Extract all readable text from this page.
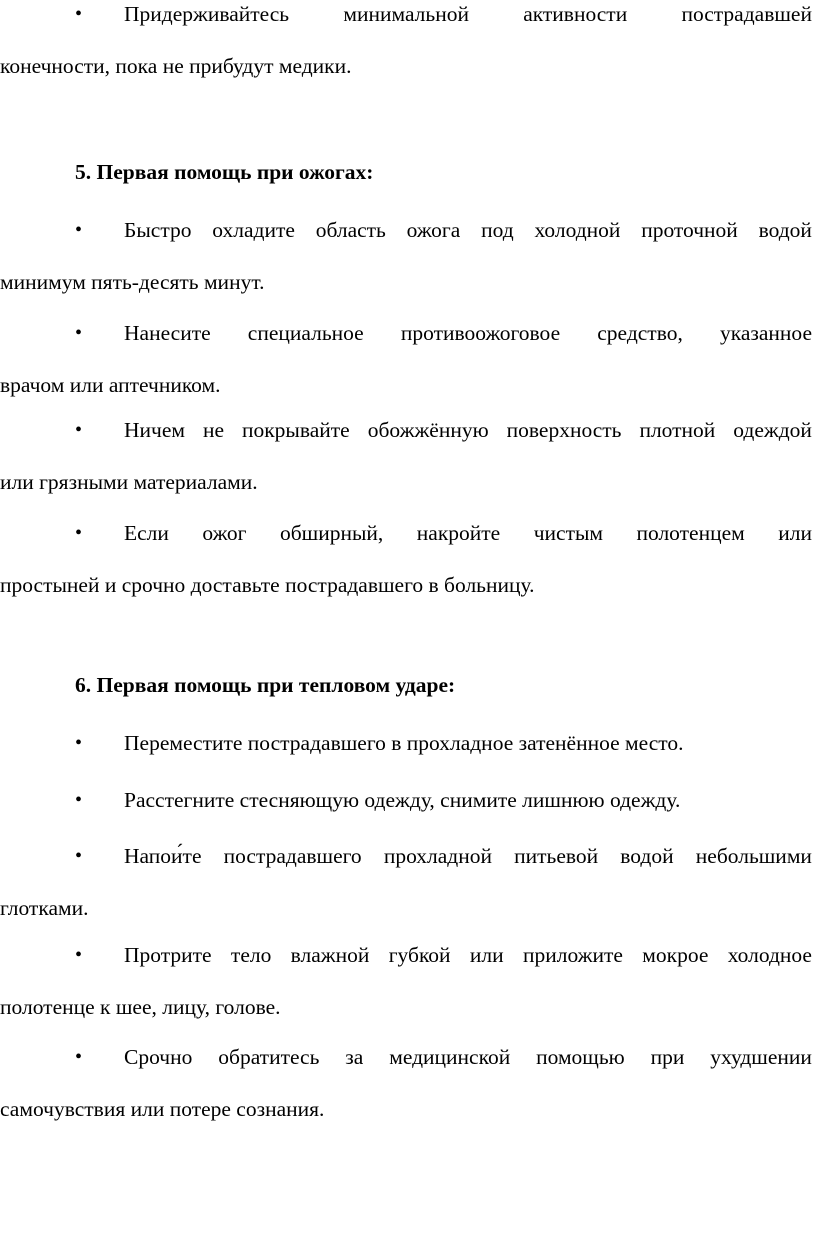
• Придерживайтесь	минимальной	активности	пострадавшей
конечности, пока не прибудут медики.
5. Первая помощь при ожогах:
• Быстро охладите область ожога под холодной проточной водой
минимум пять-десять минут.
• Нанесите специальное противоожоговое средство, указанное
врачом или аптечником.
• Ничем не покрывайте обожжённую поверхность плотной одеждой
или грязными материалами.
• Если ожог обширный, накройте чистым полотенцем или
простыней и срочно доставьте пострадавшего в больницу.
6. Первая помощь при тепловом ударе:
• Переместите пострадавшего в прохладное затенённое место.
• Расстегните стесняющую одежду, снимите лишнюю одежду.
• Напои́те пострадавшего прохладной питьевой водой небольшими
глотками.
• Протрите тело влажной губкой или приложите мокрое холодное
полотенце к шее, лицу, голове.
• Срочно обратитесь за медицинской помощью при ухудшении
самочувствия или потере сознания.
